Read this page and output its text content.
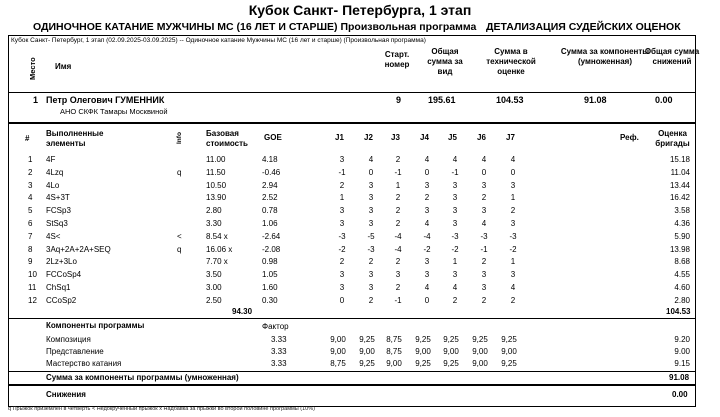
Кубок Санкт- Петербурга, 1 этап
ОДИНОЧНОЕ КАТАНИЕ МУЖЧИНЫ МС (16 ЛЕТ И СТАРШЕ) Произвольная программа ДЕТАЛИЗАЦИЯ СУДЕЙСКИХ ОЦЕНОК
Кубок Санкт- Петербург, 1 этап (02.09.2025-03.09.2025) -- Одиночное катание Мужчины МС (16 лет и старше) (Произвольная программа)
Место Имя
Старт. номер
Общая сумма за вид
Сумма в технической оценке
Сумма за компоненты (умноженная)
Общая сумма снижений
1 Петр Олегович ГУМЕННИК
АНО СКФК Тамары Москвиной
9	195.61	104.53	91.08	0.00
#
Выполненные элементы	Info	Базовая стоимость
GOE	J1	J2 J3	J4 J5	J6	J7	Реф.	Оценка бригады
1 4F	11.00	4.18	3	4	2	4	4	4	4	15.18
2 4Lzq	q	11.50	-0.46	-1	0	-1	0	-1	0	0	11.04
3 4Lo	10.50	2.94	2	3	1	3	3	3	3	13.44
4 4S+3T	13.90	2.52	1	3	2	2	3	2	1	16.42
5 FCSp3	2.80	0.78	3	3	2	3	3	3	2	3.58
6 StSq3	3.30	1.06	3	3	2	4	3	4	3	4.36
7 4S<	<	8.54 x	-2.64	-3	-5	-4	-4	-3	-3	-3	5.90
8 3Aq+2A+2A+SEQ	q	16.06 x	-2.08	-2	-3	-4	-2	-2	-1	-2	13.98
9 2Lz+3Lo	7.70 x	0.98	2	2	2	3	1	2	1	8.68
10 FCCoSp4	3.50	1.05	3	3	3	3	3	3	3	4.55
11 ChSq1	3.00	1.60	3	3	2	4	4	3	4	4.60
12 CCoSp2	2.50	0.30	0	2	-1	0	2	2	2	2.80
94.30	104.53
Компоненты программы	Фактор
Композиция	3.33	9,00	9,25	8,75	9,25	9,25	9,25	9,25	9.20
Представление	3.33	9,00	9,00	8,75	9,00	9,00	9,00	9,00	9.00
Мастерство катания	3.33	8,75	9,25	9,00	9,25	9,25	9,00	9,25	9.15
Сумма за компоненты программы (умноженная)	91.08
Снижения	0.00
q Прыжок приземлён в четверть < Недокрученный прыжок x Надбавка за прыжки во второй половине программы (10%)
